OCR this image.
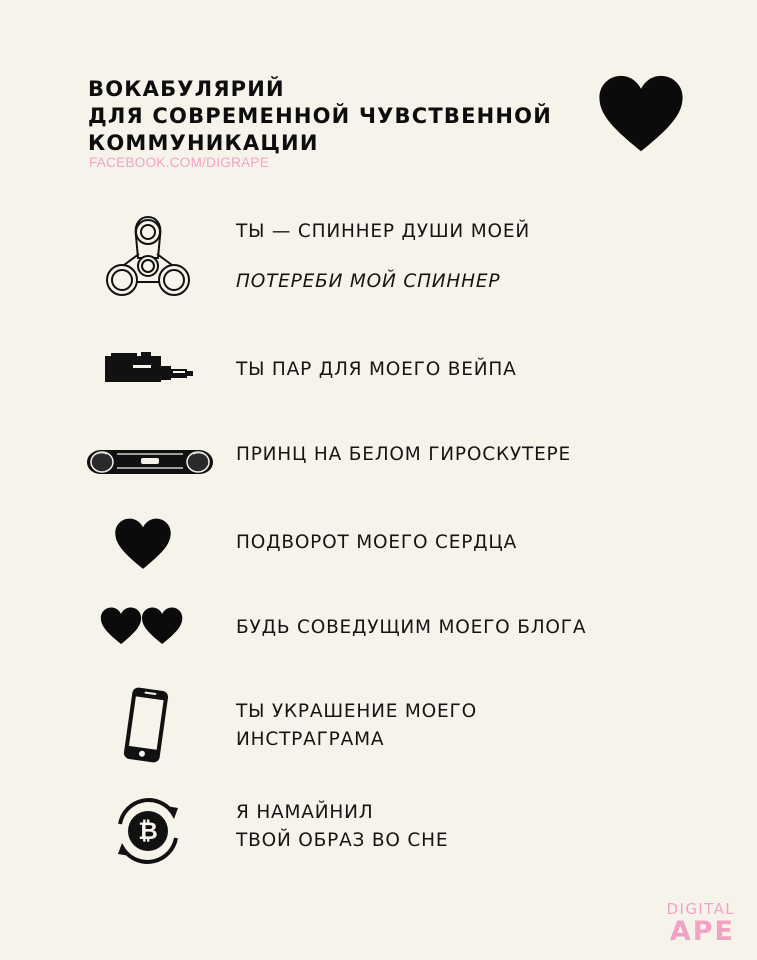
ВОКАБУЛЯРИЙ
ДЛЯ СОВРЕМЕННОЙ ЧУВСТВЕННОЙ
КОММУНИКАЦИИ
FACEBOOK.COM/DIGRAPE
ТЫ — СПИННЕР ДУШИ МОЕЙ
ПОТЕРЕБИ МОЙ СПИННЕР
ТЫ ПАР ДЛЯ МОЕГО ВЕЙПА
ПРИНЦ НА БЕЛОМ ГИРОСКУТЕРЕ
ПОДВОРОТ МОЕГО СЕРДЦА
БУДЬ СОВЕДУЩИМ МОЕГО БЛОГА
ТЫ УКРАШЕНИЕ МОЕГО
ИНСТРАГРАМА
₿
Я НАМАЙНИЛ
ТВОЙ ОБРАЗ ВО СНЕ
DIGITAL
APE
